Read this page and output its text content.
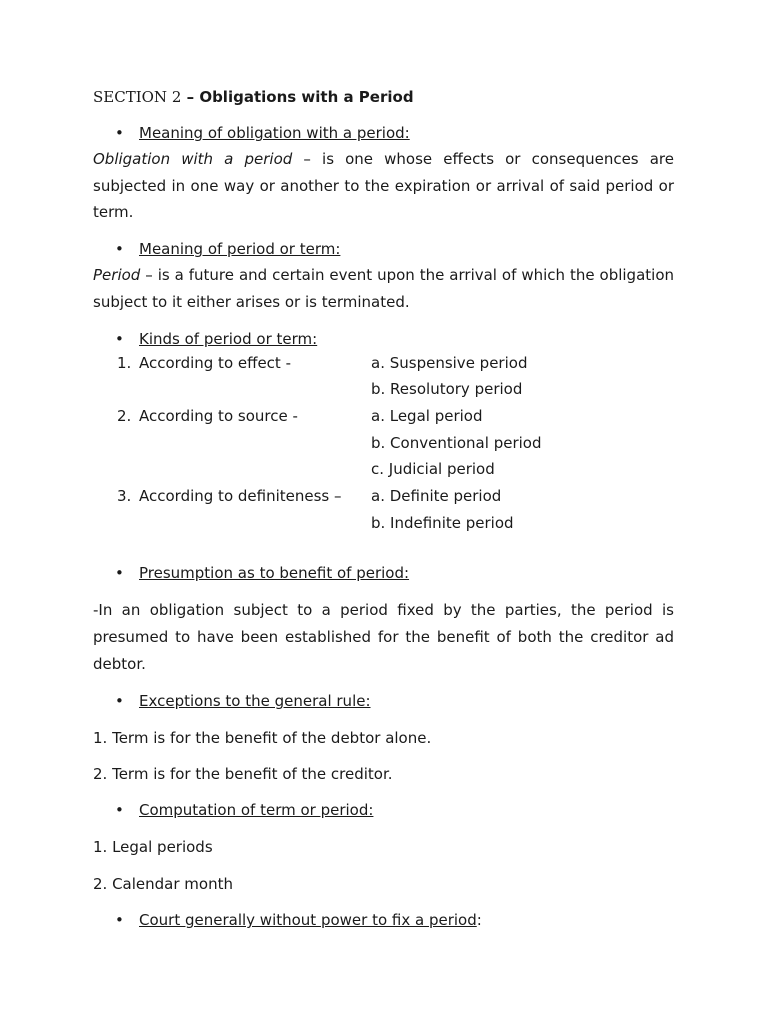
SECTION 2 – Obligations with a Period
• Meaning of obligation with a period:

Obligation with a period – is one whose effects or consequences are subjected in one way or another to the expiration or arrival of said period or term.

• Meaning of period or term:

Period – is a future and certain event upon the arrival of which the obligation subject to it either arises or is terminated.

• Kinds of period or term:
1. According to effect -	a. Suspensive period
b. Resolutory period
2. According to source -	a. Legal period
b. Conventional period
c. Judicial period
3. According to definiteness – a. Definite period
b. Indefinite period
• Presumption as to benefit of period:

-In an obligation subject to a period fixed by the parties, the period is presumed to have been established for the benefit of both the creditor ad debtor.

• Exceptions to the general rule:

1. Term is for the benefit of the debtor alone.

2. Term is for the benefit of the creditor.

• Computation of term or period:

1. Legal periods

2. Calendar month

• Court generally without power to fix a period:
